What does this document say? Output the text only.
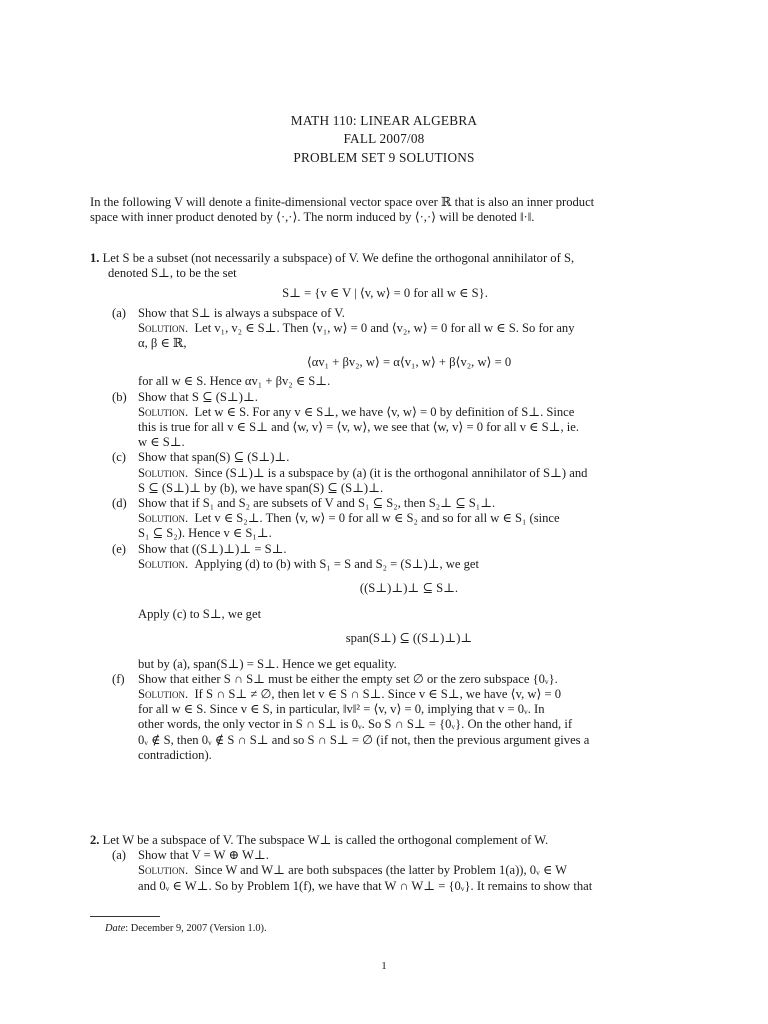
MATH 110: LINEAR ALGEBRA
FALL 2007/08
PROBLEM SET 9 SOLUTIONS
In the following V will denote a finite-dimensional vector space over ℝ that is also an inner product
space with inner product denoted by ⟨·,·⟩. The norm induced by ⟨·,·⟩ will be denoted ‖·‖.
1. Let S be a subset (not necessarily a subspace) of V. We define the orthogonal annihilator of S,
denoted S⊥, to be the set
S⊥ = {v ∈ V | ⟨v, w⟩ = 0 for all w ∈ S}.
(a) Show that S⊥ is always a subspace of V.
Solution. Let v₁, v₂ ∈ S⊥. Then ⟨v₁, w⟩ = 0 and ⟨v₂, w⟩ = 0 for all w ∈ S. So for any
α, β ∈ ℝ,
⟨αv₁ + βv₂, w⟩ = α⟨v₁, w⟩ + β⟨v₂, w⟩ = 0
for all w ∈ S. Hence αv₁ + βv₂ ∈ S⊥.
(b) Show that S ⊆ (S⊥)⊥.
Solution. Let w ∈ S. For any v ∈ S⊥, we have ⟨v, w⟩ = 0 by definition of S⊥. Since
this is true for all v ∈ S⊥ and ⟨w, v⟩ = ⟨v, w⟩, we see that ⟨w, v⟩ = 0 for all v ∈ S⊥, ie.
w ∈ S⊥.
(c) Show that span(S) ⊆ (S⊥)⊥.
Solution. Since (S⊥)⊥ is a subspace by (a) (it is the orthogonal annihilator of S⊥) and
S ⊆ (S⊥)⊥ by (b), we have span(S) ⊆ (S⊥)⊥.
(d) Show that if S₁ and S₂ are subsets of V and S₁ ⊆ S₂, then S₂⊥ ⊆ S₁⊥.
Solution. Let v ∈ S₂⊥. Then ⟨v, w⟩ = 0 for all w ∈ S₂ and so for all w ∈ S₁ (since
S₁ ⊆ S₂). Hence v ∈ S₁⊥.
(e) Show that ((S⊥)⊥)⊥ = S⊥.
Solution. Applying (d) to (b) with S₁ = S and S₂ = (S⊥)⊥, we get
((S⊥)⊥)⊥ ⊆ S⊥.
Apply (c) to S⊥, we get
span(S⊥) ⊆ ((S⊥)⊥)⊥
but by (a), span(S⊥) = S⊥. Hence we get equality.
(f) Show that either S ∩ S⊥ must be either the empty set ∅ or the zero subspace {0ᵥ}.
Solution. If S ∩ S⊥ ≠ ∅, then let v ∈ S ∩ S⊥. Since v ∈ S⊥, we have ⟨v, w⟩ = 0
for all w ∈ S. Since v ∈ S, in particular, ‖v‖² = ⟨v, v⟩ = 0, implying that v = 0ᵥ. In
other words, the only vector in S ∩ S⊥ is 0ᵥ. So S ∩ S⊥ = {0ᵥ}. On the other hand, if
0ᵥ ∉ S, then 0ᵥ ∉ S ∩ S⊥ and so S ∩ S⊥ = ∅ (if not, then the previous argument gives a
contradiction).
2. Let W be a subspace of V. The subspace W⊥ is called the orthogonal complement of W.
(a) Show that V = W ⊕ W⊥.
Solution. Since W and W⊥ are both subspaces (the latter by Problem 1(a)), 0ᵥ ∈ W
and 0ᵥ ∈ W⊥. So by Problem 1(f), we have that W ∩ W⊥ = {0ᵥ}. It remains to show that
Date: December 9, 2007 (Version 1.0).
1
